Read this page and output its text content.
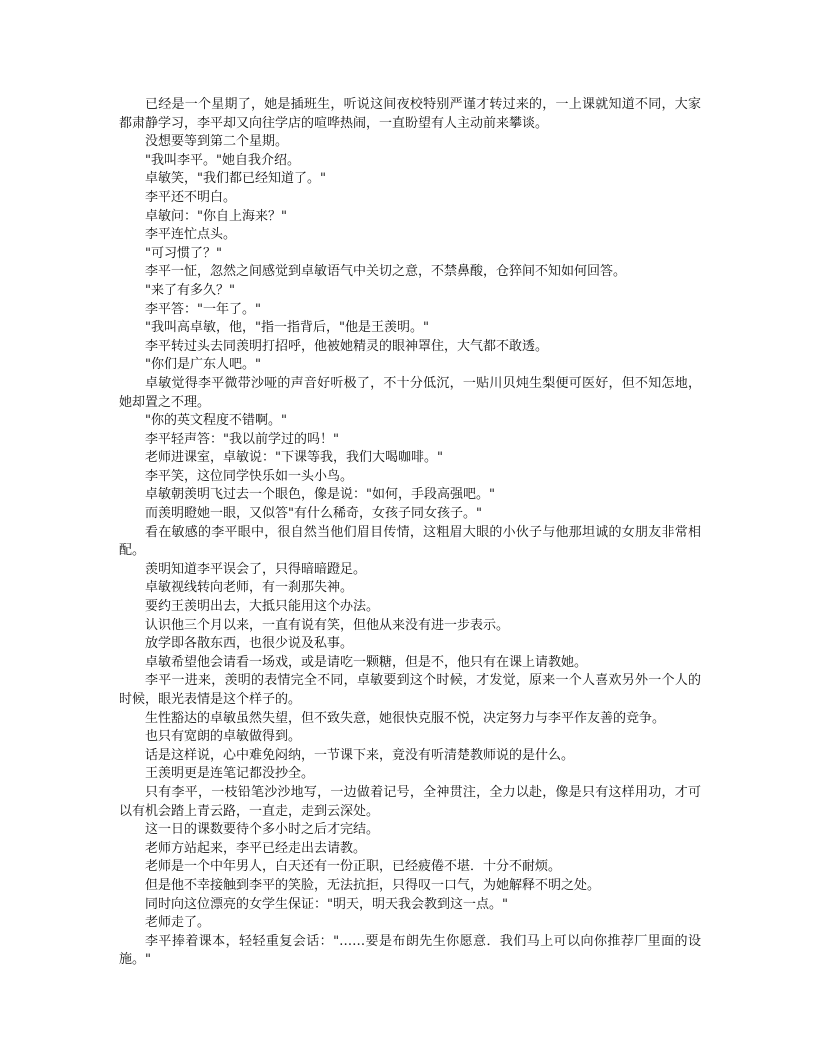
已经是一个星期了，她是插班生，听说这间夜校特别严谨才转过来的，一上课就知道不同，大家都肃静学习，李平却又向往学店的喧哗热闹，一直盼望有人主动前来攀谈。

没想要等到第二个星期。

"我叫李平。"她自我介绍。

卓敏笑，"我们都已经知道了。"

李平还不明白。

卓敏问："你自上海来？"

李平连忙点头。

"可习惯了？"

李平一怔，忽然之间感觉到卓敏语气中关切之意，不禁鼻酸，仓猝间不知如何回答。

"来了有多久？"

李平答："一年了。"

"我叫高卓敏，他，"指一指背后，"他是王羡明。"

李平转过头去同羡明打招呼，他被她精灵的眼神罩住，大气都不敢透。

"你们是广东人吧。"

卓敏觉得李平微带沙哑的声音好听极了，不十分低沉，一贴川贝炖生梨便可医好，但不知怎地，她却置之不理。

"你的英文程度不错啊。"

李平轻声答："我以前学过的吗！"

老师进课室，卓敏说："下课等我，我们大喝咖啡。"

李平笑，这位同学快乐如一头小鸟。

卓敏朝羡明飞过去一个眼色，像是说："如何，手段高强吧。"

而羡明瞪她一眼，又似答"有什么稀奇，女孩子同女孩子。"

看在敏感的李平眼中，很自然当他们眉目传情，这粗眉大眼的小伙子与他那坦诚的女朋友非常相配。

羡明知道李平误会了，只得暗暗蹬足。

卓敏视线转向老师，有一刹那失神。

要约王羡明出去，大抵只能用这个办法。

认识他三个月以来，一直有说有笑，但他从来没有进一步表示。

放学即各散东西，也很少说及私事。

卓敏希望他会请看一场戏，或是请吃一颗糖，但是不，他只有在课上请教她。

李平一进来，羡明的表情完全不同，卓敏要到这个时候，才发觉，原来一个人喜欢另外一个人的时候，眼光表情是这个样子的。

生性豁达的卓敏虽然失望，但不致失意，她很快克服不悦，决定努力与李平作友善的竞争。

也只有宽朗的卓敏做得到。

话是这样说，心中难免闷纳，一节课下来，竟没有听清楚教师说的是什么。

王羡明更是连笔记都没抄全。

只有李平，一枝铅笔沙沙地写，一边做着记号，全神贯注，全力以赴，像是只有这样用功，才可以有机会踏上青云路，一直走，走到云深处。

这一日的课数要待个多小时之后才完结。

老师方站起来，李平已经走出去请教。

老师是一个中年男人，白天还有一份正职，已经疲倦不堪．十分不耐烦。

但是他不幸接触到李平的笑脸，无法抗拒，只得叹一口气，为她解释不明之处。

同时向这位漂亮的女学生保证："明天，明天我会教到这一点。"

老师走了。

李平捧着课本，轻轻重复会话："……要是布朗先生你愿意．我们马上可以向你推荐厂里面的设施。"
